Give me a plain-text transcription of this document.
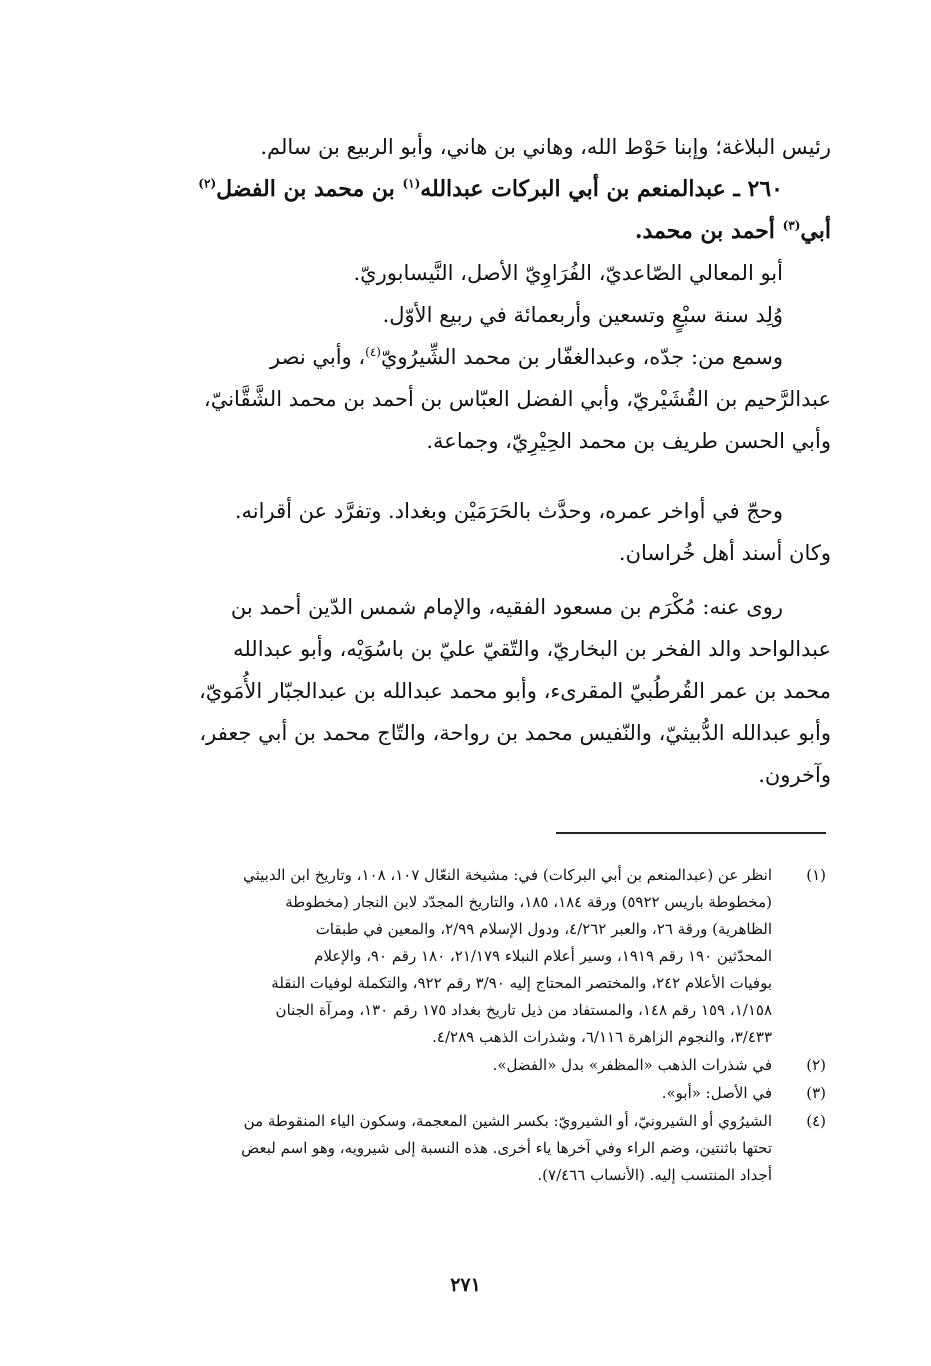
رئيس البلاغة؛ وإبنا حَوْط الله، وهاني بن هاني، وأبو الربيع بن سالم.
٢٦٠ ـ عبدالمنعم بن أبي البركات عبدالله$^{(١)}$ بن محمد بن الفضل$^{(٢)}$
أبي$^{(٣)}$ أحمد بن محمد.
أبو المعالي الصّاعديّ، الفُرَاوِيّ الأصل، النَّيسابوريّ.
وُلِد سنة سبْعٍ وتسعين وأربعمائة في ربيع الأوّل.
وسمع من: جدّه، وعبدالغفّار بن محمد الشِّيرُويّ$^{(٤)}$، وأبي نصر
عبدالرَّحيم بن القُشَيْريّ، وأبي الفضل العبّاس بن أحمد بن محمد الشَّقَّانيّ،
وأبي الحسن طريف بن محمد الحِيْرِيّ، وجماعة.
وحجّ في أواخر عمره، وحدَّث بالحَرَمَيْن وبغداد. وتفرَّد عن أقرانه.
وكان أسند أهل خُراسان.
روى عنه: مُكْرَم بن مسعود الفقيه، والإمام شمس الدّين أحمد بن
عبدالواحد والد الفخر بن البخاريّ، والتّقيّ عليّ بن باسُوَيْه، وأبو عبدالله
محمد بن عمر القُرطُبيّ المقرىء، وأبو محمد عبدالله بن عبدالجبّار الأُمَويّ،
وأبو عبدالله الدُّبيثيّ، والنّفيس محمد بن رواحة، والتّاج محمد بن أبي جعفر،
وآخرون.
(١)
انظر عن (عبدالمنعم بن أبي البركات) في: مشيخة النعّال ١٠٧، ١٠٨، وتاريخ ابن الدبيثي
(مخطوطة باريس ٥٩٢٢) ورقة ١٨٤، ١٨٥، والتاريخ المجدّد لابن النجار (مخطوطة
الظاهرية) ورقة ٢٦، والعبر ٤/٢٦٢، ودول الإسلام ٢/٩٩، والمعين في طبقات
المحدّثين ١٩٠ رقم ١٩١٩، وسير أعلام النبلاء ٢١/١٧٩، ١٨٠ رقم ٩٠، والإعلام
بوفيات الأعلام ٢٤٢، والمختصر المحتاج إليه ٣/٩٠ رقم ٩٢٢، والتكملة لوفيات النقلة
١/١٥٨، ١٥٩ رقم ١٤٨، والمستفاد من ذيل تاريخ بغداد ١٧٥ رقم ١٣٠، ومرآة الجنان
٣/٤٣٣، والنجوم الزاهرة ٦/١١٦، وشذرات الذهب ٤/٢٨٩.
(٢)
في شذرات الذهب «المظفر» بدل «الفضل».
(٣)
في الأصل: «أبو».
(٤)
الشيرُوي أو الشيرونيّ، أو الشيرويّ: بكسر الشين المعجمة، وسكون الياء المنقوطة من
تحتها باثنتين، وضم الراء وفي آخرها ياء أخرى. هذه النسبة إلى شيرويه، وهو اسم لبعض
أجداد المنتسب إليه. (الأنساب ٧/٤٦٦).
٢٧١
